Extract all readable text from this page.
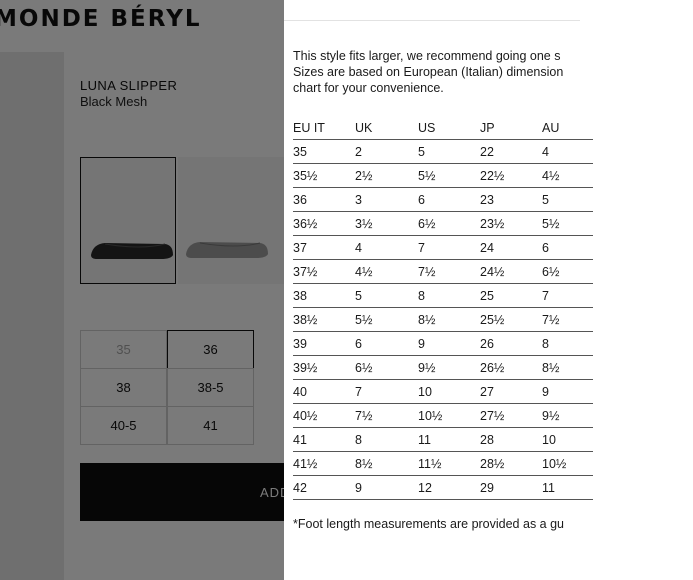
This style fits larger, we recommend going one s
Sizes are based on European (Italian) dimension
chart for your convenience.
EU IT UK	US	JP	AU
35	2	5	22	4
35½	2½	5½	22½	4½
36	3	6	23	5
36½	3½	6½	23½	5½
37	4	7	24	6
37½	4½	7½	24½	6½
38	5	8	25	7
38½	5½	8½	25½	7½
39	6	9	26	8
39½	6½	9½	26½	8½
40	7	10	27	9
40½	7½	10½	27½	9½
41	8	11	28	10
41½	8½	11½	28½	10½
42	9	12	29	11
*Foot length measurements are provided as a gu
